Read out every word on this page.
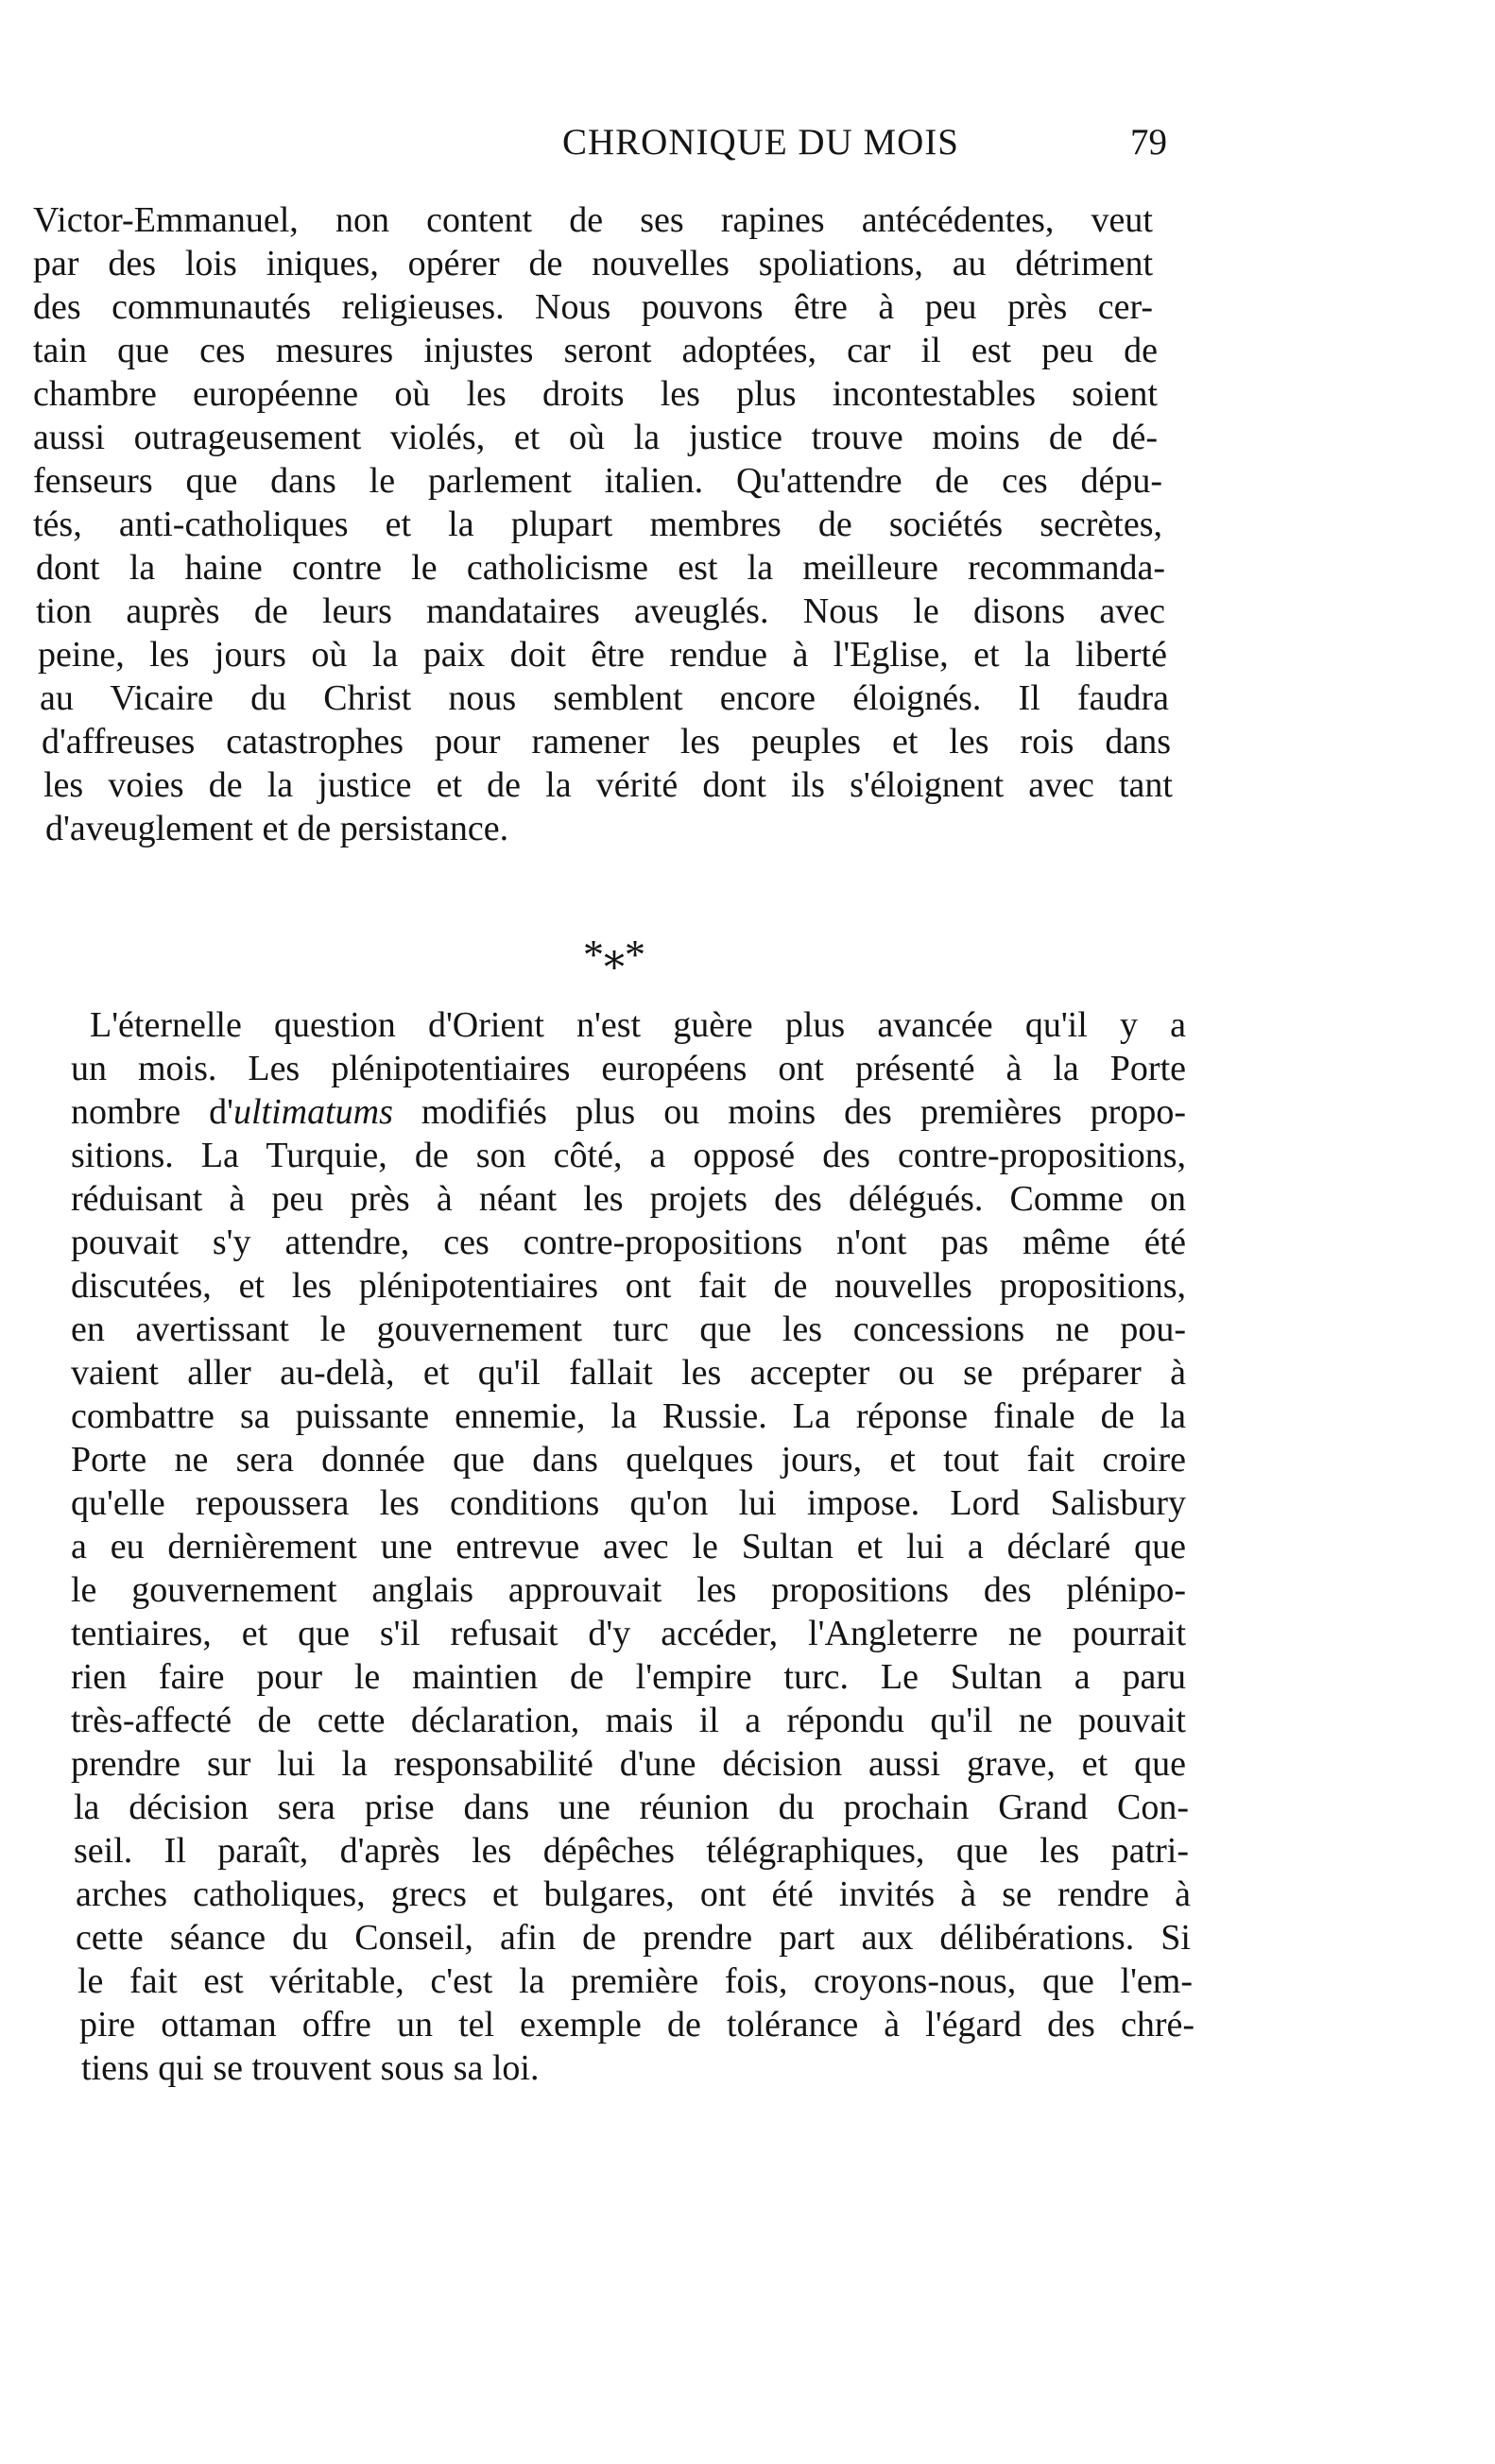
CHRONIQUE DU MOIS	79

Victor-Emmanuel, non content de ses rapines antécédentes, veut

par des lois iniques, opérer de nouvelles spoliations, au détriment

des communautés religieuses. Nous pouvons être à peu près cer-

tain que ces mesures injustes seront adoptées, car il est peu de

chambre européenne où les droits les plus incontestables soient

aussi outrageusement violés, et où la justice trouve moins de dé-

fenseurs que dans le parlement italien. Qu'attendre de ces dépu-

tés, anti-catholiques et la plupart membres de sociétés secrètes,

dont la haine contre le catholicisme est la meilleure recommanda-

tion auprès de leurs mandataires aveuglés. Nous le disons avec

peine, les jours où la paix doit être rendue à l'Eglise, et la liberté

au Vicaire du Christ nous semblent encore éloignés. Il faudra

d'affreuses catastrophes pour ramener les peuples et les rois dans

les voies de la justice et de la vérité dont ils s'éloignent avec tant

d'aveuglement et de persistance.

*⁎*

L'éternelle question d'Orient n'est guère plus avancée qu'il y a

un mois. Les plénipotentiaires européens ont présenté à la Porte

nombre d'ultimatums modifiés plus ou moins des premières propo-

sitions. La Turquie, de son côté, a opposé des contre-propositions,

réduisant à peu près à néant les projets des délégués. Comme on

pouvait s'y attendre, ces contre-propositions n'ont pas même été

discutées, et les plénipotentiaires ont fait de nouvelles propositions,

en avertissant le gouvernement turc que les concessions ne pou-

vaient aller au-delà, et qu'il fallait les accepter ou se préparer à

combattre sa puissante ennemie, la Russie. La réponse finale de la

Porte ne sera donnée que dans quelques jours, et tout fait croire

qu'elle repoussera les conditions qu'on lui impose. Lord Salisbury

a eu dernièrement une entrevue avec le Sultan et lui a déclaré que

le gouvernement anglais approuvait les propositions des plénipo-

tentiaires, et que s'il refusait d'y accéder, l'Angleterre ne pourrait

rien faire pour le maintien de l'empire turc. Le Sultan a paru

très-affecté de cette déclaration, mais il a répondu qu'il ne pouvait

prendre sur lui la responsabilité d'une décision aussi grave, et que

la décision sera prise dans une réunion du prochain Grand Con-

seil. Il paraît, d'après les dépêches télégraphiques, que les patri-

arches catholiques, grecs et bulgares, ont été invités à se rendre à

cette séance du Conseil, afin de prendre part aux délibérations. Si

le fait est véritable, c'est la première fois, croyons-nous, que l'em-

pire ottaman offre un tel exemple de tolérance à l'égard des chré-

tiens qui se trouvent sous sa loi.
